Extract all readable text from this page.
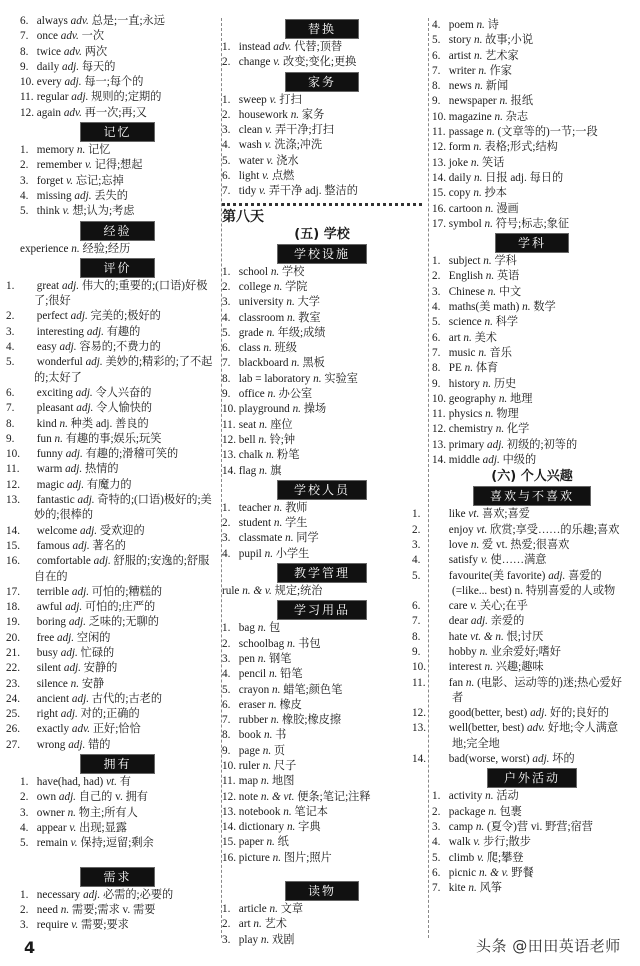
6. always adv. 总是;一直;永远
7. once adv. 一次
8. twice adv. 两次
9. daily adj. 每天的
10. every adj. 每一;每个的
11. regular adj. 规则的;定期的
12. again adv. 再一次;再;又
记忆
1. memory n. 记忆
2. remember v. 记得;想起
3. forget v. 忘记;忘掉
4. missing adj. 丢失的
5. think v. 想;认为;考虑
经验
experience n. 经验;经历
评价
1. great adj. 伟大的;重要的;(口语)好极了;很好
2. perfect adj. 完美的;极好的
3. interesting adj. 有趣的
4. easy adj. 容易的;不费力的
5. wonderful adj. 美妙的;精彩的;了不起的;太好了
6. exciting adj. 令人兴奋的
7. pleasant adj. 令人愉快的
8. kind n. 种类 adj. 善良的
9. fun n. 有趣的事;娱乐;玩笑
10. funny adj. 有趣的;滑稽可笑的
11. warm adj. 热情的
12. magic adj. 有魔力的
13. fantastic adj. 奇特的;(口语)极好的;美妙的;很棒的
14. welcome adj. 受欢迎的
15. famous adj. 著名的
16. comfortable adj. 舒服的;安逸的;舒服自在的
17. terrible adj. 可怕的;糟糕的
18. awful adj. 可怕的;庄严的
19. boring adj. 乏味的;无聊的
20. free adj. 空闲的
21. busy adj. 忙碌的
22. silent adj. 安静的
23. silence n. 安静
24. ancient adj. 古代的;古老的
25. right adj. 对的;正确的
26. exactly adv. 正好;恰恰
27. wrong adj. 错的
拥有
1. have(had, had) vt. 有
2. own adj. 自己的 v. 拥有
3. owner n. 物主;所有人
4. appear v. 出现;显露
5. remain v. 保持;逗留;剩余
需求
1. necessary adj. 必需的;必要的
2. need n. 需要;需求 v. 需要
3. require v. 需要;要求
替换
1. instead adv. 代替;顶替
2. change v. 改变;变化;更换
家务
1. sweep v. 打扫
2. housework n. 家务
3. clean v. 弄干净;打扫
4. wash v. 洗涤;冲洗
5. water v. 浇水
6. light v. 点燃
7. tidy v. 弄干净 adj. 整洁的
第八天
(五) 学校
学校设施
1. school n. 学校
2. college n. 学院
3. university n. 大学
4. classroom n. 教室
5. grade n. 年级;成绩
6. class n. 班级
7. blackboard n. 黑板
8. lab = laboratory n. 实验室
9. office n. 办公室
10. playground n. 操场
11. seat n. 座位
12. bell n. 铃;钟
13. chalk n. 粉笔
14. flag n. 旗
学校人员
1. teacher n. 教师
2. student n. 学生
3. classmate n. 同学
4. pupil n. 小学生
教学管理
rule n. & v. 规定;统治
学习用品
1. bag n. 包
2. schoolbag n. 书包
3. pen n. 钢笔
4. pencil n. 铅笔
5. crayon n. 蜡笔;颜色笔
6. eraser n. 橡皮
7. rubber n. 橡胶;橡皮擦
8. book n. 书
9. page n. 页
10. ruler n. 尺子
11. map n. 地图
12. note n. & vt. 便条;笔记;注释
13. notebook n. 笔记本
14. dictionary n. 字典
15. paper n. 纸
16. picture n. 图片;照片
读物
1. article n. 文章
2. art n. 艺术
3. play n. 戏剧
4. poem n. 诗
5. story n. 故事;小说
6. artist n. 艺术家
7. writer n. 作家
8. news n. 新闻
9. newspaper n. 报纸
10. magazine n. 杂志
11. passage n. (文章等的)一节;一段
12. form n. 表格;形式;结构
13. joke n. 笑话
14. daily n. 日报 adj. 每日的
15. copy n. 抄本
16. cartoon n. 漫画
17. symbol n. 符号;标志;象征
学科
1. subject n. 学科
2. English n. 英语
3. Chinese n. 中文
4. maths(美 math) n. 数学
5. science n. 科学
6. art n. 美术
7. music n. 音乐
8. PE n. 体育
9. history n. 历史
10. geography n. 地理
11. physics n. 物理
12. chemistry n. 化学
13. primary adj. 初级的;初等的
14. middle adj. 中级的
(六) 个人兴趣
喜欢与不喜欢
1.	like vt. 喜欢;喜爱
2.	enjoy vt. 欣赏;享受……的乐趣;喜欢
3.	love n. 爱 vt. 热爱;很喜欢
4.	satisfy v. 使……满意
5.	favourite(美 favorite) adj. 喜爱的(=like... best) n. 特别喜爱的人或物
6.	care v. 关心;在乎
7.	dear adj. 亲爱的
8.	hate vt. & n. 恨;讨厌
9.	hobby n. 业余爱好;嗜好
10. interest n. 兴趣;趣味
11. fan n. (电影、运动等的)迷;热心爱好者
12. good(better, best) adj. 好的;良好的
13. well(better, best) adv. 好地;令人满意地;完全地
14. bad(worse, worst) adj. 坏的
户外活动
1. activity n. 活动
2. package n. 包裹
3. camp n. (夏令)营 vi. 野营;宿营
4. walk v. 步行;散步
5. climb v. 爬;攀登
6. picnic n. & v. 野餐
7. kite n. 风筝
4	头条 @田田英语老师
